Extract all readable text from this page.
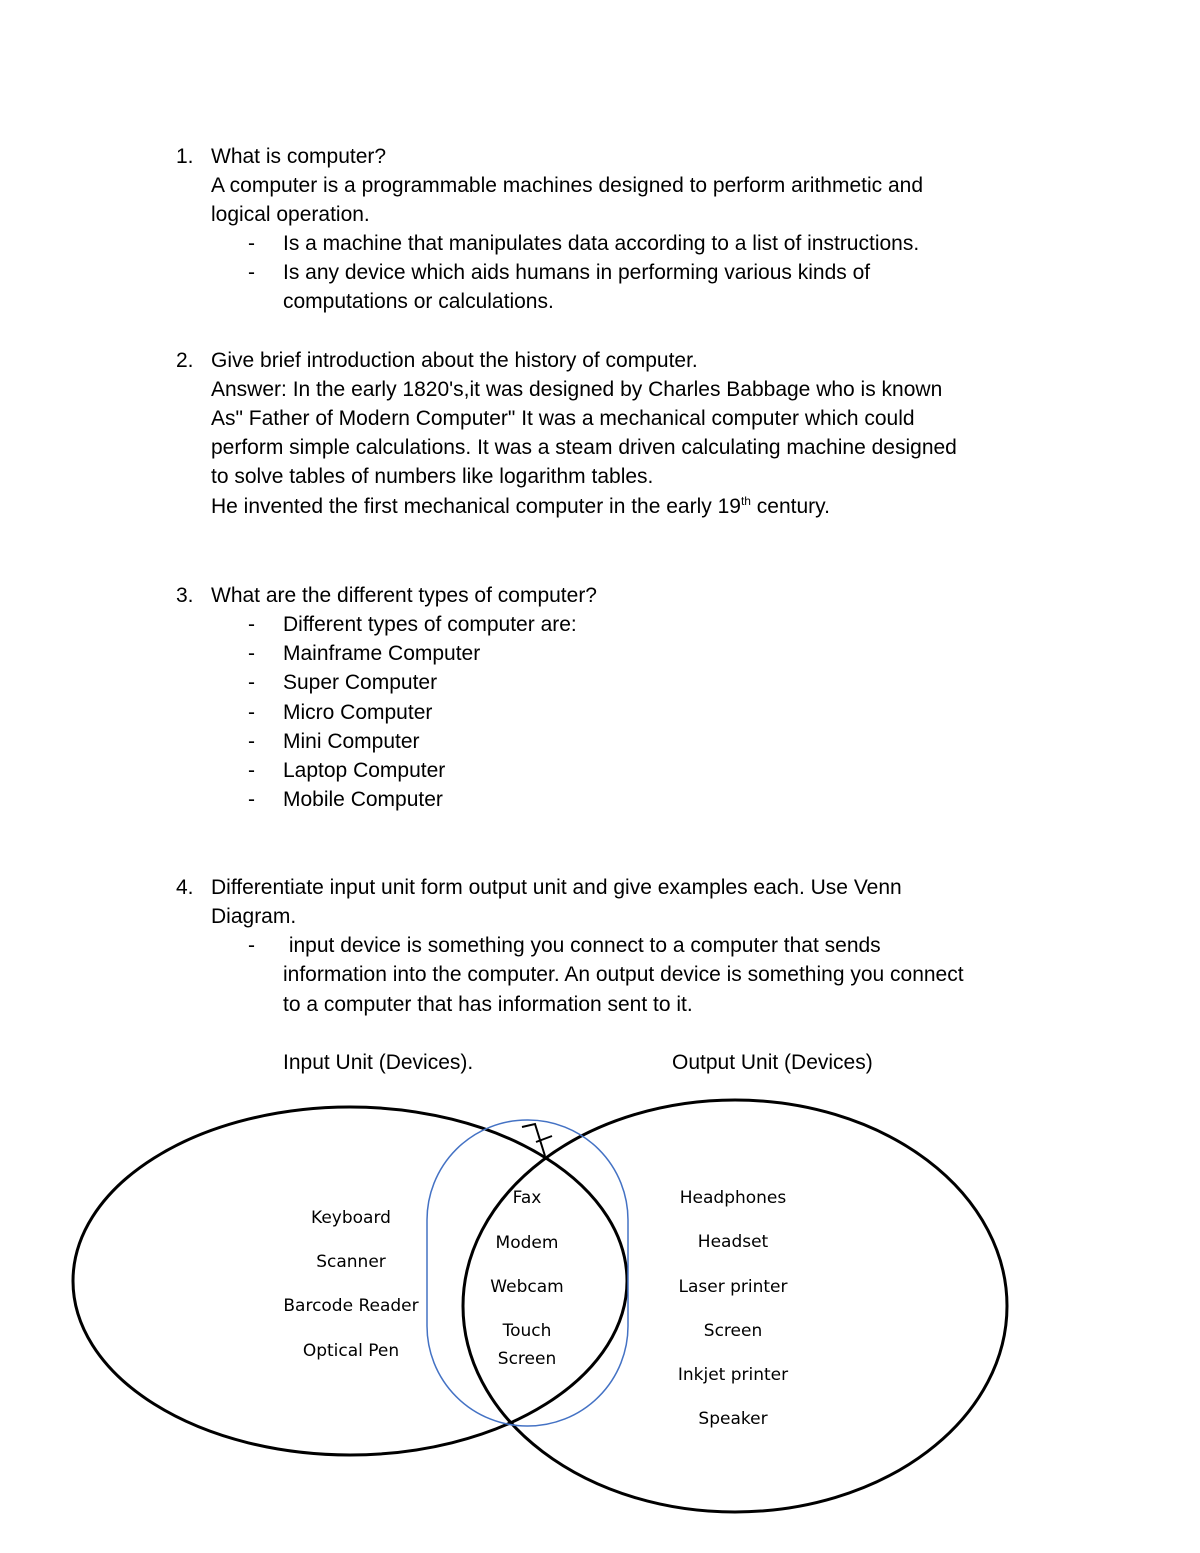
1. What is computer?
A computer is a programmable machines designed to perform arithmetic and
logical operation.
- Is a machine that manipulates data according to a list of instructions.
- Is any device which aids humans in performing various kinds of
computations or calculations.
2. Give brief introduction about the history of computer.
Answer: In the early 1820's,it was designed by Charles Babbage who is known
As" Father of Modern Computer" It was a mechanical computer which could
perform simple calculations. It was a steam driven calculating machine designed
to solve tables of numbers like logarithm tables.
He invented the first mechanical computer in the early 19th century.
3. What are the different types of computer?
- Different types of computer are:
- Mainframe Computer
- Super Computer
- Micro Computer
- Mini Computer
- Laptop Computer
- Mobile Computer
4. Differentiate input unit form output unit and give examples each. Use Venn
Diagram.
- input device is something you connect to a computer that sends
information into the computer. An output device is something you connect
to a computer that has information sent to it.
Input Unit (Devices).	Output Unit (Devices)
Keyboard
Scanner
Barcode Reader
Optical Pen
Fax
Modem
Webcam
Touch
Screen
Headphones
Headset
Laser printer
Screen
Inkjet printer
Speaker
